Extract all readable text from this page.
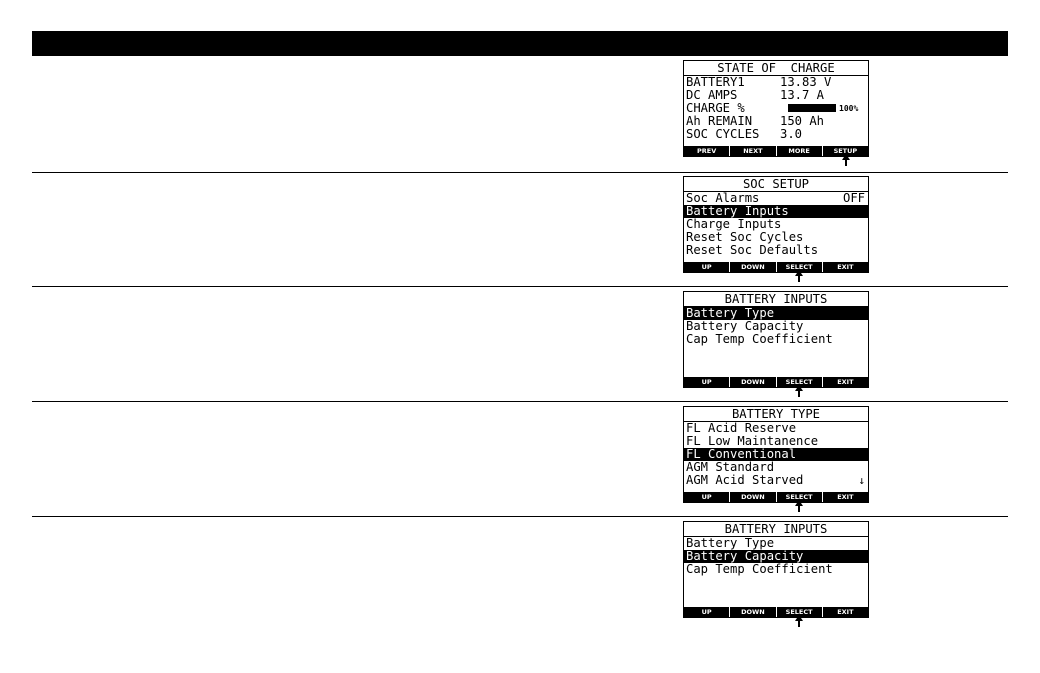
STATE OF  CHARGE
BATTERY1	13.83 V
DC AMPS	13.7 A
CHARGE %	100%
Ah REMAIN 150 Ah
SOC CYCLES 3.0
PREV	NEXT	MORE	SETUP
SOC SETUP
Soc Alarms	OFF
Battery Inputs
Charge Inputs
Reset Soc Cycles
Reset Soc Defaults
UP	DOWN	SELECT	EXIT
BATTERY INPUTS
Battery Type
Battery Capacity
Cap Temp Coefficient
UP	DOWN	SELECT	EXIT
BATTERY TYPE
FL Acid Reserve
FL Low Maintanence
FL Conventional
AGM Standard
AGM Acid Starved	↓
UP	DOWN	SELECT	EXIT
BATTERY INPUTS
Battery Type
Battery Capacity
Cap Temp Coefficient
UP	DOWN	SELECT	EXIT
